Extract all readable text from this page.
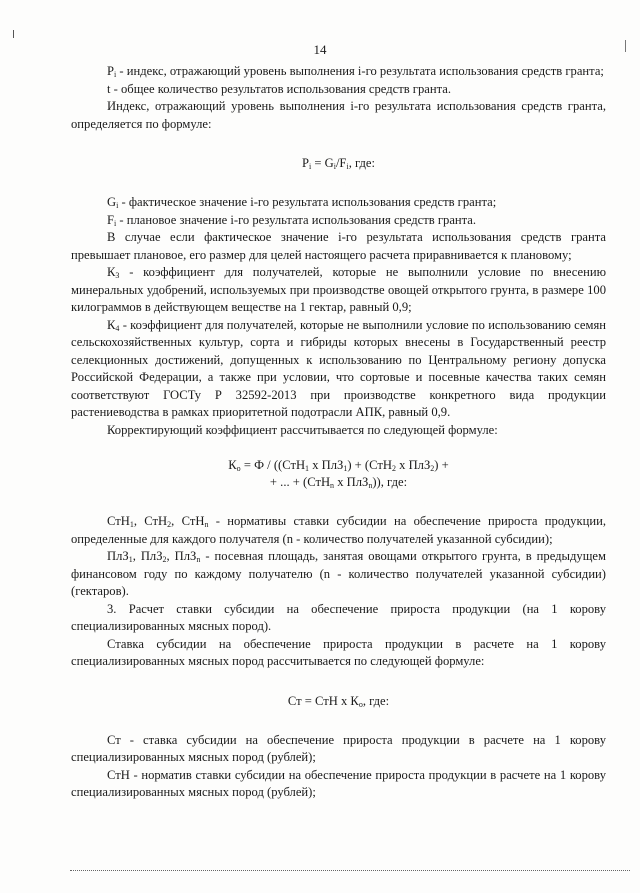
14

$Р_i$ - индекс, отражающий уровень выполнения i-го результата использования средств гранта;

t - общее количество результатов использования средств гранта.

Индекс, отражающий уровень выполнения i-го результата использования средств гранта, определяется по формуле:

$Р_i = G_i/F_i$, где:

$G_i$ - фактическое значение i-го результата использования средств гранта;

$F_i$ - плановое значение i-го результата использования средств гранта.

В случае если фактическое значение i-го результата использования средств гранта превышает плановое, его размер для целей настоящего расчета приравнивается к плановому;

$К_3$ - коэффициент для получателей, которые не выполнили условие по внесению минеральных удобрений, используемых при производстве овощей открытого грунта, в размере 100 килограммов в действующем веществе на 1 гектар, равный 0,9;

$К_4$ - коэффициент для получателей, которые не выполнили условие по использованию семян сельскохозяйственных культур, сорта и гибриды которых внесены в Государственный реестр селекционных достижений, допущенных к использованию по Центральному региону допуска Российской Федерации, а также при условии, что сортовые и посевные качества таких семян соответствуют ГОСТу Р 32592-2013 при производстве конкретного вида продукции растениеводства в рамках приоритетной подотрасли АПК, равный 0,9.

Корректирующий коэффициент рассчитывается по следующей формуле:

$К_о = Ф / ((СтН_1$ x ПлЗ$_1$) + (СтН$_2$ x ПлЗ$_2$) +

+ ... + (СтН$_n$ x ПлЗ$_n$)), где:

СтН$_1$, СтН$_2$, СтН$_n$ - нормативы ставки субсидии на обеспечение прироста продукции, определенные для каждого получателя (n - количество получателей указанной субсидии);

ПлЗ$_1$, ПлЗ$_2$, ПлЗ$_n$ - посевная площадь, занятая овощами открытого грунта, в предыдущем финансовом году по каждому получателю (n - количество получателей указанной субсидии) (гектаров).

3. Расчет ставки субсидии на обеспечение прироста продукции (на 1 корову специализированных мясных пород).

Ставка субсидии на обеспечение прироста продукции в расчете на 1 корову специализированных мясных пород рассчитывается по следующей формуле:

Ст = СтН х $К_о$, где:

Ст - ставка субсидии на обеспечение прироста продукции в расчете на 1 корову специализированных мясных пород (рублей);

СтН - норматив ставки субсидии на обеспечение прироста продукции в расчете на 1 корову специализированных мясных пород (рублей);
